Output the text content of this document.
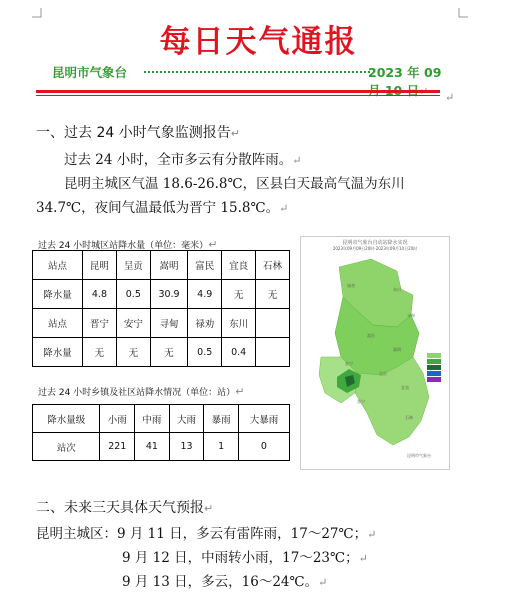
每日天气通报
昆明市气象台	2023 年 09
↵
一、过去 24 小时气象监测报告↵
过去 24 小时，全市多云有分散阵雨。↵
昆明主城区气温 18.6-26.8℃，区县白天最高气温为东川
34.7℃，夜间气温最低为晋宁 15.8℃。↵
过去 24 小时城区站降水量（单位：毫米）↵
站点	昆明	呈贡	嵩明	富民	宜良	石林
降水量	4.8	0.5	30.9	4.9	无	无
站点	晋宁	安宁	寻甸	禄劝	东川	
降水量	无	无	无	0.5	0.4	
过去 24 小时乡镇及社区站降水情况（单位：站）↵
降水量级	小雨	中雨	大雨	暴雨	大暴雨
站次	221	41	13	1	0
昆明市气象台自动站降水实况
2023年09月09日20时-2023年09月10日20时
东川
寻甸
禄劝
嵩明
富民
安宁
宜良
石林
晋宁
呈贡
昆明市气象台
二、未来三天具体天气预报↵
昆明主城区：9 月 11 日，多云有雷阵雨，17～27℃；↵
9 月 12 日，中雨转小雨，17～23℃；↵
9 月 13 日，多云，16～24℃。↵
